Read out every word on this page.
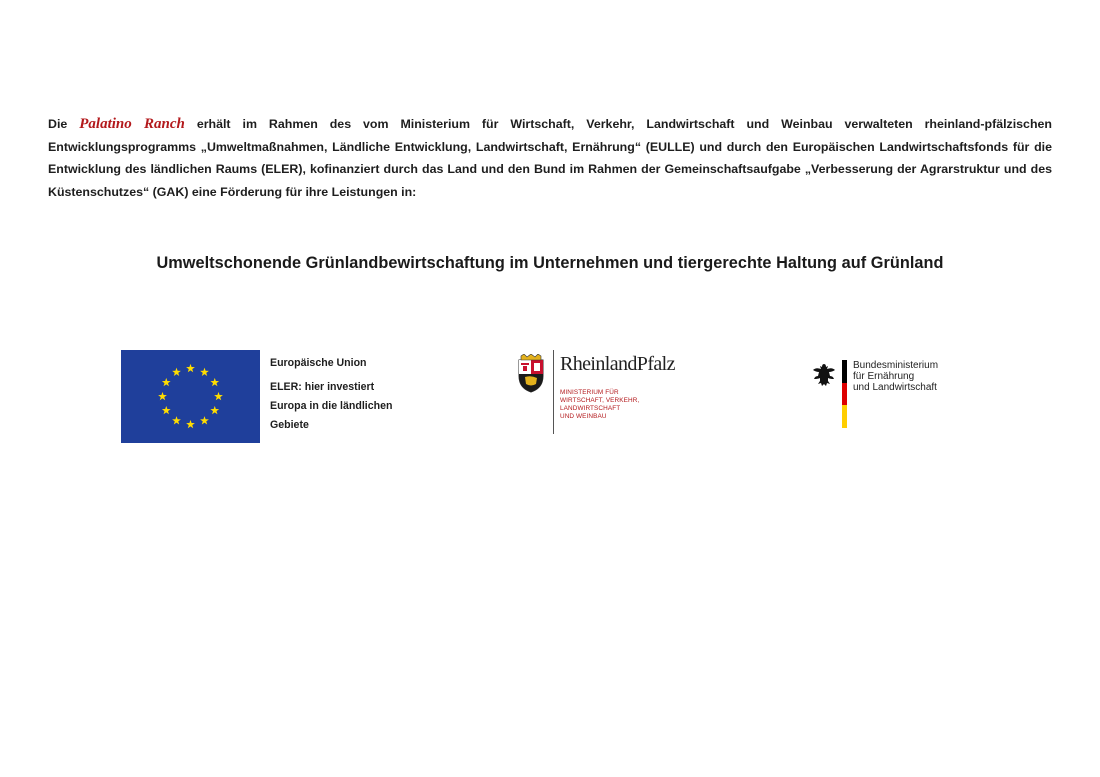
Die Palatino Ranch erhält im Rahmen des vom Ministerium für Wirtschaft, Verkehr, Landwirtschaft und Weinbau verwalteten rheinland-pfälzischen Entwicklungsprogramms „Umweltmaßnahmen, Ländliche Entwicklung, Landwirtschaft, Ernährung“ (EULLE) und durch den Europäischen Landwirtschaftsfonds für die Entwicklung des ländlichen Raums (ELER), kofinanziert durch das Land und den Bund im Rahmen der Gemeinschaftsaufgabe „Verbesserung der Agrarstruktur und des Küstenschutzes“ (GAK) eine Förderung für ihre Leistungen in:

Umweltschonende Grünlandbewirtschaftung im Unternehmen und tiergerechte Haltung auf Grünland
Europäische Union
ELER: hier investiert
Europa in die ländlichen
Gebiete
RheinlandPfalz
MINISTERIUM FÜR
WIRTSCHAFT, VERKEHR,
LANDWIRTSCHAFT
UND WEINBAU
Bundesministerium
für Ernährung
und Landwirtschaft
